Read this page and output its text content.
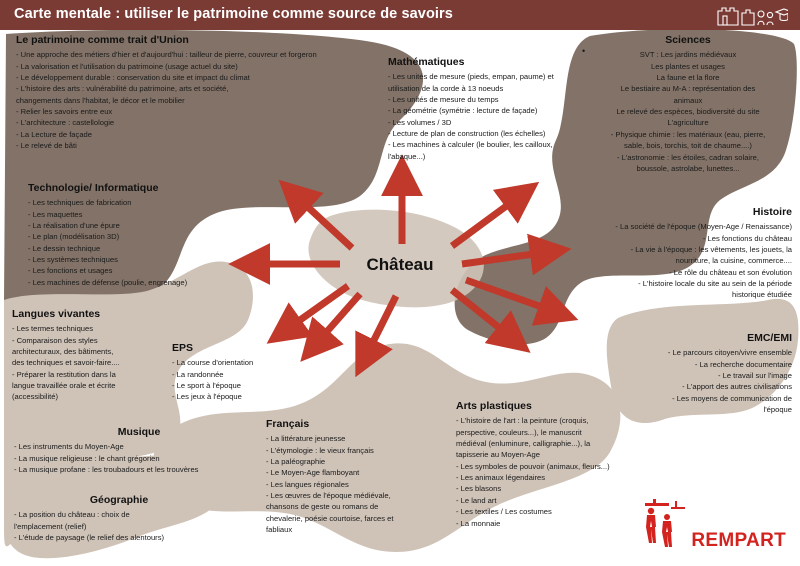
Carte mentale : utiliser le patrimoine comme source de savoirs
Château
Le patrimoine comme trait d'Union
- Une approche des métiers d'hier et d'aujourd'hui : tailleur de pierre, couvreur et forgeron
- La valorisation et l'utilisation du patrimoine (usage actuel du site)
- Le développement durable : conservation du site et impact du climat
- L'histoire des arts : vulnérabilité du patrimoine, arts et société,
changements dans l'habitat, le décor et le mobilier
- Relier les savoirs entre eux
- L'architecture : castellologie
- La Lecture de façade
- Le relevé de bâti
Mathématiques
- Les unités de mesure (pieds, empan, paume) et
utilisation de la corde à 13 noeuds
- Les unités de mesure du temps
- La géométrie (symétrie : lecture de façade)
- Les volumes / 3D
- Lecture de plan de construction (les échelles)
- Les machines à calculer (le boulier, les cailloux,
l'abaque...)
Sciences
SVT : Les jardins médiévaux
Les plantes et usages
La faune et la flore
Le bestiaire au M-A : représentation des
animaux
Le relevé des espèces, biodiversité du site
L'agriculture
- Physique chimie : les matériaux (eau, pierre,
sable, bois, torchis, toit de chaume....)
- L'astronomie : les étoiles, cadran solaire,
boussole, astrolabe, lunettes...
•
Technologie/ Informatique
- Les techniques de fabrication
- Les maquettes
- La réalisation d'une épure
- Le plan (modélisation 3D)
- Le dessin technique
- Les systèmes techniques
- Les fonctions et usages
- Les machines de défense (poulie, engrenage)
Histoire
- La société de l'époque (Moyen-Age / Renaissance)
- Les fonctions du château
- La vie à l'époque : les vêtements, les jouets, la
nourriture, la cuisine, commerce....
- Le rôle du château et son évolution
- L'histoire locale du site au sein de la période
historique étudiée
Langues vivantes
- Les termes techniques
- Comparaison des styles
architecturaux, des bâtiments,
des techniques et savoir-faire....
- Préparer la restitution dans la
langue travaillée orale et écrite
(accessibilité)
EPS
- La course d'orientation
- La randonnée
- Le sport à l'époque
- Les jeux à l'époque
EMC/EMI
- Le parcours citoyen/vivre ensemble
- La recherche documentaire
- Le travail sur l'image
- L'apport des autres civilisations
- Les moyens de communication de
l'époque
Musique
- Les instruments du Moyen-Age
- La musique religieuse : le chant grégorien
- La musique profane : les troubadours et les trouvères
Français
- La littérature jeunesse
- L'étymologie : le vieux français
- La paléographie
- Le Moyen-Age flamboyant
- Les langues régionales
- Les œuvres de l'époque médiévale,
chansons de geste ou romans de
chevalerie, poésie courtoise, farces et
fabliaux
Arts plastiques
- L'histoire de l'art : la peinture (croquis,
perspective, couleurs...), le manuscrit
médiéval (enluminure, calligraphie...), la
tapisserie au Moyen-Age
- Les symboles de pouvoir (animaux, fleurs...)
- Les animaux légendaires
- Les blasons
- Le land art
- Les textiles / Les costumes
- La monnaie
Géographie
- La position du château : choix de
l'emplacement (relief)
- L'étude de paysage (le relief des alentours)	REMPART
